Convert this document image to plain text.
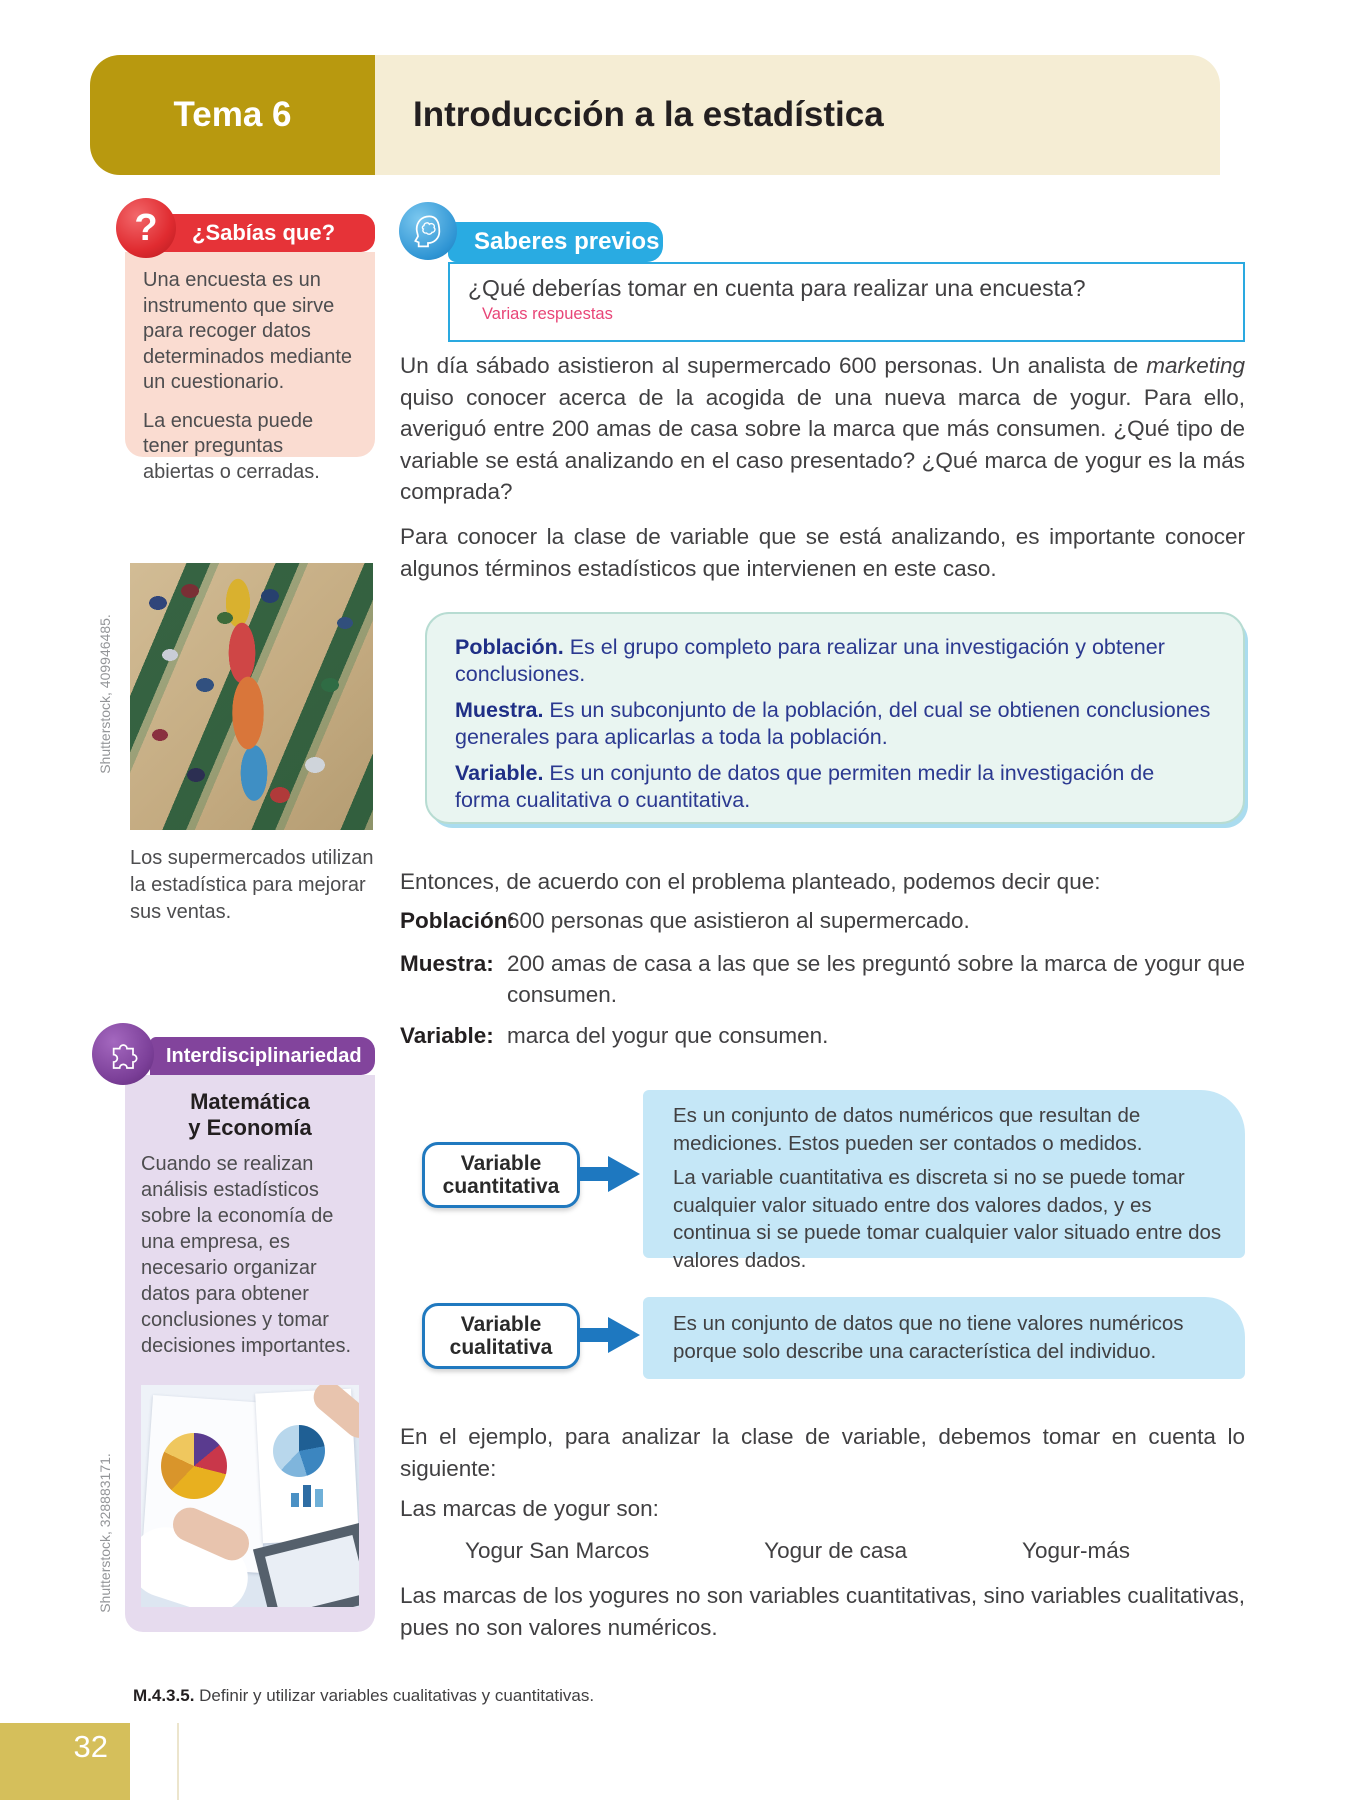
Tema 6	Introducción a la estadística
? ¿Sabías que?

Una encuesta es un instrumento que sirve para recoger datos determinados mediante un cuestionario.

La encuesta puede tener preguntas abiertas o cerradas.

Los supermercados utilizan la estadística para mejorar sus ventas.
Shutterstock, 409946485.
Saberes previos

¿Qué deberías tomar en cuenta para realizar una encuesta?

Varias respuestas

Un día sábado asistieron al supermercado 600 personas. Un analista de marketing quiso conocer acerca de la acogida de una nueva marca de yogur. Para ello, averiguó entre 200 amas de casa sobre la marca que más consumen. ¿Qué tipo de variable se está analizando en el caso presentado? ¿Qué marca de yogur es la más comprada?

Para conocer la clase de variable que se está analizando, es importante conocer algunos términos estadísticos que intervienen en este caso.

Población. Es el grupo completo para realizar una investigación y obtener conclusiones.
Muestra. Es un subconjunto de la población, del cual se obtienen conclusiones generales para aplicarlas a toda la población.
Variable. Es un conjunto de datos que permiten medir la investigación de forma cualitativa o cuantitativa.

Entonces, de acuerdo con el problema planteado, podemos decir que:

Población:
600 personas que asistieron al supermercado.
Muestra: 200 amas de casa a las que se les preguntó sobre la marca de yogur que consumen.
Variable: marca del yogur que consumen.

Es un conjunto de datos numéricos que resultan de mediciones. Estos pueden ser contados o medidos.

La variable cuantitativa es discreta si no se puede tomar cualquier valor situado entre dos valores dados, y es continua si se puede tomar cualquier valor situado entre dos valores dados.

Variable
cuantitativa

Es un conjunto de datos que no tiene valores numéricos porque solo describe una característica del individuo.

Variable
cualitativa

En el ejemplo, para analizar la clase de variable, debemos tomar en cuenta lo siguiente:

Las marcas de yogur son:

Yogur San Marcos	Yogur de casa	Yogur-más

Las marcas de los yogures no son variables cuantitativas, sino variables cualitativas, pues no son valores numéricos.

Interdisciplinariedad
Matemática
y Economía

Cuando se realizan análisis estadísticos sobre la economía de una empresa, es necesario organizar datos para obtener conclusiones y tomar decisiones importantes.

Shutterstock, 328883171.
M.4.3.5. Definir y utilizar variables cualitativas y cuantitativas.
32
